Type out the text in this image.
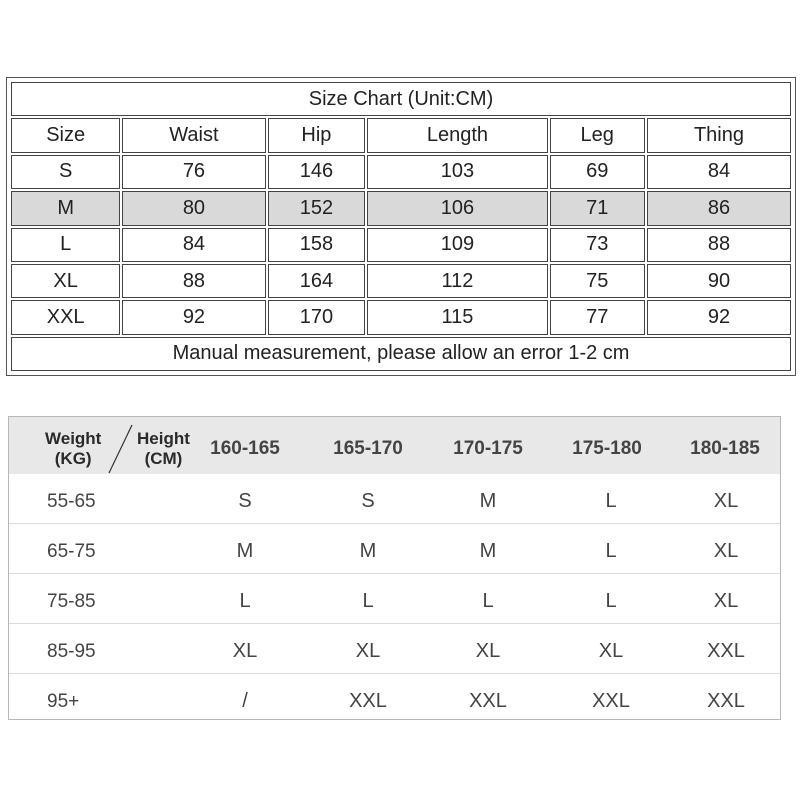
Size Chart (Unit:CM)					
Size	Waist	Hip	Length	Leg	Thing
S	76	146	103	69	84
M	80	152	106	71	86
L	84	158	109	73	88
XL	88	164	112	75	90
XXL	92	170	115	77	92
Manual measurement, please allow an error 1-2 cm					
Weight
(KG)
Height
(CM)	160-165	165-170	170-175	175-180	180-185
55-65	S	S	M	L	XL
65-75	M	M	M	L	XL
75-85	L	L	L	L	XL
85-95	XL	XL	XL	XL	XXL
95+	/	XXL	XXL	XXL	XXL
